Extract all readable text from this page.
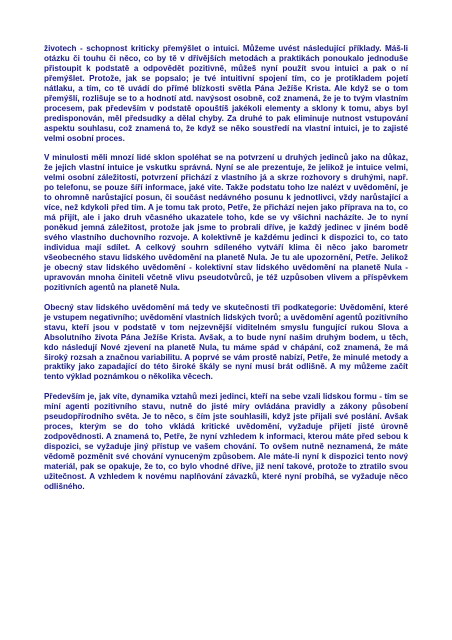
životech - schopnost kriticky přemýšlet o intuici. Můžeme uvést následující příklady. Máš-li otázku či touhu či něco, co by tě v dřívějších metodách a praktikách ponoukalo jednoduše přistoupit k podstatě a odpovědět pozitivně, můžeš nyní použít svou intuici a pak o ní přemýšlet. Protože, jak se popsalo; je tvé intuitivní spojení tím, co je protikladem pojetí nátlaku, a tím, co tě uvádí do přímé blízkosti světla Pána Ježíše Krista. Ale když se o tom přemýšlí, rozlišuje se to a hodnotí atd. navýsost osobně, což znamená, že je to tvým vlastním procesem, pak především v podstatě opouštíš jakékoli elementy a sklony k tomu, abys byl predisponován, měl předsudky a dělal chyby. Za druhé to pak eliminuje nutnost vstupování aspektu souhlasu, což znamená to, že když se něko soustředí na vlastní intuici, je to zajisté velmi osobní proces.

V minulosti měli mnozí lidé sklon spoléhat se na potvrzení u druhých jedinců jako na důkaz, že jejich vlastní intuice je vskutku správná. Nyní se ale prezentuje, že jelikož je intuice velmi, velmi osobní záležitostí, potvrzení přichází z vlastního já a skrze rozhovory s druhými, např. po telefonu, se pouze šíří informace, jaké vite. Takže podstatu toho lze nalézt v uvědomění, je to ohromně narůstající posun, či součást nedávného posunu k jednotlivci, vždy narůstající a více, než kdykoli před tím. A je tomu tak proto, Petře, že přichází nejen jako příprava na to, co má přijít, ale i jako druh včasného ukazatele toho, kde se vy všichni nacházíte. Je to nyní poněkud jemná záležitost, protože jak jsme to probrali dříve, je každý jedinec v jiném bodě svého vlastního duchovního rozvoje. A kolektivně je každému jedinci k dispozici to, co tato individua mají sdílet. A celkový souhrn sdíleného vytváří klima či něco jako barometr všeobecného stavu lidského uvědomění na planetě Nula. Je tu ale upozornění, Petře. Jelikož je obecný stav lidského uvědomění - kolektivní stav lidského uvědomění na planetě Nula - upravován mnoha činiteli včetně vlivu pseudotvůrců, je též uzpůsoben vlivem a příspěvkem pozitivních agentů na planetě Nula.

Obecný stav lidského uvědomění má tedy ve skutečnosti tři podkategorie: Uvědomění, které je vstupem negativního; uvědomění vlastních lidských tvorů; a uvědomění agentů pozitivního stavu, kteří jsou v podstatě v tom nejzevnější viditelném smyslu fungující rukou Slova a Absolutního života Pána Ježíše Krista. Avšak, a to bude nyní našim druhým bodem, u těch, kdo následují Nové zjevení na planetě Nula, tu máme spád v chápání, což znamená, že má široký rozsah a značnou variabilitu. A poprvé se vám prostě nabízí, Petře, že minulé metody a praktiky jako zapadající do této široké škály se nyní musí brát odlišně. A my můžeme začít tento výklad poznámkou o několika věcech.

Především je, jak víte, dynamika vztahů mezi jedinci, kteří na sebe vzali lidskou formu - tím se míní agenti pozitivního stavu, nutně do jisté míry ovládána pravidly a zákony působení pseudopřírodního světa. Je to něco, s čím jste souhlasili, když jste přijali své poslání. Avšak proces, kterým se do toho vkládá kritické uvědomění, vyžaduje přijetí jisté úrovně zodpovědnosti. A znamená to, Petře, že nyní vzhledem k informaci, kterou máte před sebou k dispozici, se vyžaduje jiný přístup ve vašem chování. To ovšem nutně neznamená, že máte vědomě pozměnit své chování vynuceným způsobem. Ale máte-li nyní k dispozici tento nový materiál, pak se opakuje, že to, co bylo vhodné dříve, již není takové, protože to ztratilo svou užitečnost. A vzhledem k novému naplňování závazků, které nyní probíhá, se vyžaduje něco odlišného.
